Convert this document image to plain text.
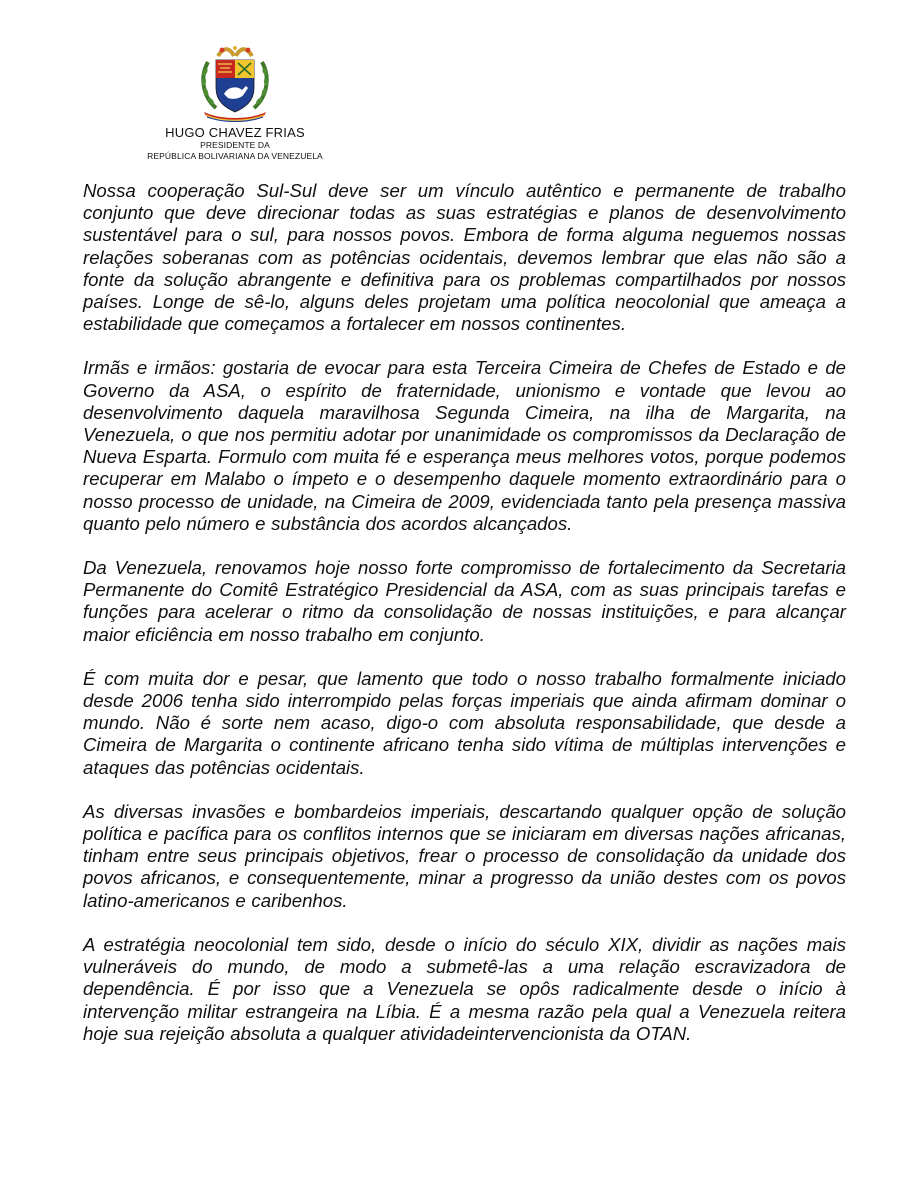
HUGO CHAVEZ FRIAS
PRESIDENTE DA
REPÚBLICA BOLIVARIANA DA VENEZUELA

Nossa cooperação Sul-Sul deve ser um vínculo autêntico e permanente de trabalho conjunto que deve direcionar todas as suas estratégias e planos de desenvolvimento sustentável para o sul, para nossos povos. Embora de forma alguma neguemos nossas relações soberanas com as potências ocidentais, devemos lembrar que elas não são a fonte da solução abrangente e definitiva para os problemas compartilhados por nossos países. Longe de sê-lo, alguns deles projetam uma política neocolonial que ameaça a estabilidade que começamos a fortalecer em nossos continentes.

Irmãs e irmãos: gostaria de evocar para esta Terceira Cimeira de Chefes de Estado e de Governo da ASA, o espírito de fraternidade, unionismo e vontade que levou ao desenvolvimento daquela maravilhosa Segunda Cimeira, na ilha de Margarita, na Venezuela, o que nos permitiu adotar por unanimidade os compromissos da Declaração de Nueva Esparta. Formulo com muita fé e esperança meus melhores votos, porque podemos recuperar em Malabo o ímpeto e o desempenho daquele momento extraordinário para o nosso processo de unidade, na Cimeira de 2009, evidenciada tanto pela presença massiva quanto pelo número e substância dos acordos alcançados.

Da Venezuela, renovamos hoje nosso forte compromisso de fortalecimento da Secretaria Permanente do Comitê Estratégico Presidencial da ASA, com as suas principais tarefas e funções para acelerar o ritmo da consolidação de nossas instituições, e para alcançar maior eficiência em nosso trabalho em conjunto.

É com muita dor e pesar, que lamento que todo o nosso trabalho formalmente iniciado desde 2006 tenha sido interrompido pelas forças imperiais que ainda afirmam dominar o mundo. Não é sorte nem acaso, digo-o com absoluta responsabilidade, que desde a Cimeira de Margarita o continente africano tenha sido vítima de múltiplas intervenções e ataques das potências ocidentais.

As diversas invasões e bombardeios imperiais, descartando qualquer opção de solução política e pacífica para os conflitos internos que se iniciaram em diversas nações africanas, tinham entre seus principais objetivos, frear o processo de consolidação da unidade dos povos africanos, e consequentemente, minar a progresso da união destes com os povos latino-americanos e caribenhos.

A estratégia neocolonial tem sido, desde o início do século XIX, dividir as nações mais vulneráveis do mundo, de modo a submetê-las a uma relação escravizadora de dependência. É por isso que a Venezuela se opôs radicalmente desde o início à intervenção militar estrangeira na Líbia. É a mesma razão pela qual a Venezuela reitera hoje sua rejeição absoluta a qualquer atividadeintervencionista da OTAN.
